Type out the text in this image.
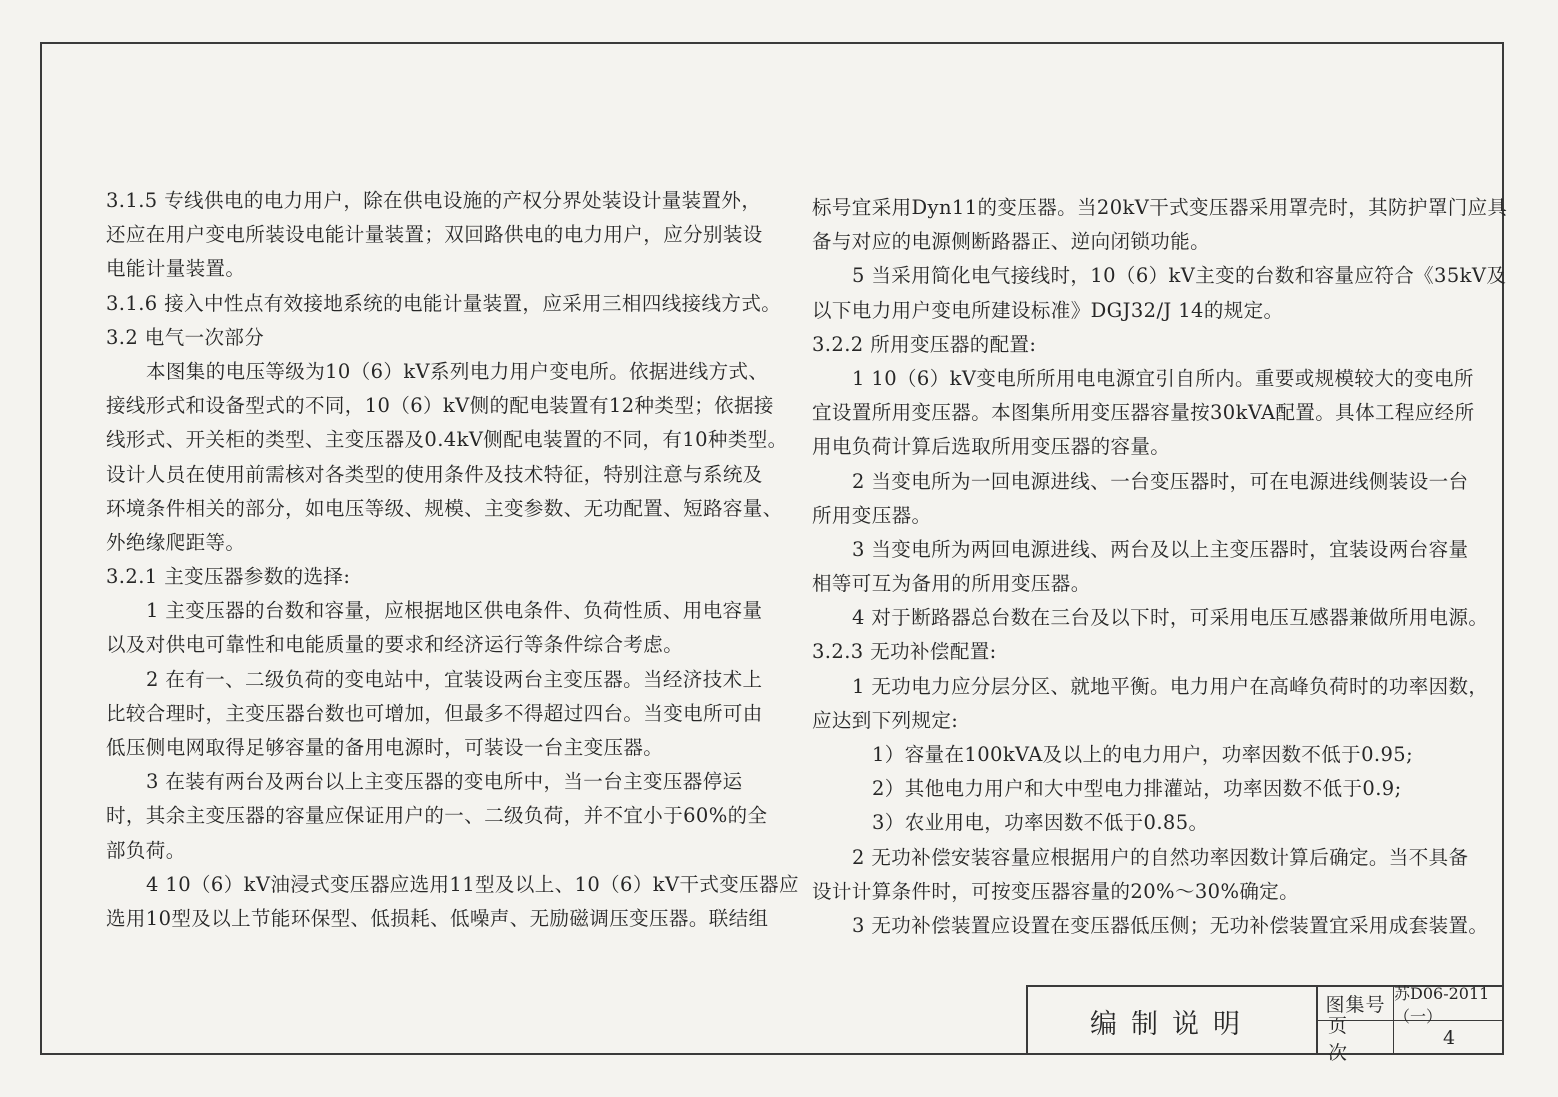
3.1.5 专线供电的电力用户，除在供电设施的产权分界处装设计量装置外，
还应在用户变电所装设电能计量装置；双回路供电的电力用户，应分别装设
电能计量装置。
3.1.6 接入中性点有效接地系统的电能计量装置，应采用三相四线接线方式。
3.2 电气一次部分
本图集的电压等级为10（6）kV系列电力用户变电所。依据进线方式、
接线形式和设备型式的不同，10（6）kV侧的配电装置有12种类型；依据接
线形式、开关柜的类型、主变压器及0.4kV侧配电装置的不同，有10种类型。
设计人员在使用前需核对各类型的使用条件及技术特征，特别注意与系统及
环境条件相关的部分，如电压等级、规模、主变参数、无功配置、短路容量、
外绝缘爬距等。
3.2.1 主变压器参数的选择:
1 主变压器的台数和容量，应根据地区供电条件、负荷性质、用电容量
以及对供电可靠性和电能质量的要求和经济运行等条件综合考虑。
2 在有一、二级负荷的变电站中，宜装设两台主变压器。当经济技术上
比较合理时，主变压器台数也可增加，但最多不得超过四台。当变电所可由
低压侧电网取得足够容量的备用电源时，可装设一台主变压器。
3 在装有两台及两台以上主变压器的变电所中，当一台主变压器停运
时，其余主变压器的容量应保证用户的一、二级负荷，并不宜小于60%的全
部负荷。
4 10（6）kV油浸式变压器应选用11型及以上、10（6）kV干式变压器应
选用10型及以上节能环保型、低损耗、低噪声、无励磁调压变压器。联结组
标号宜采用Dyn11的变压器。当20kV干式变压器采用罩壳时，其防护罩门应具
备与对应的电源侧断路器正、逆向闭锁功能。
5 当采用简化电气接线时，10（6）kV主变的台数和容量应符合《35kV及
以下电力用户变电所建设标准》DGJ32/J 14的规定。
3.2.2 所用变压器的配置:
1 10（6）kV变电所所用电电源宜引自所内。重要或规模较大的变电所
宜设置所用变压器。本图集所用变压器容量按30kVA配置。具体工程应经所
用电负荷计算后选取所用变压器的容量。
2 当变电所为一回电源进线、一台变压器时，可在电源进线侧装设一台
所用变压器。
3 当变电所为两回电源进线、两台及以上主变压器时，宜装设两台容量
相等可互为备用的所用变压器。
4 对于断路器总台数在三台及以下时，可采用电压互感器兼做所用电源。
3.2.3 无功补偿配置:
1 无功电力应分层分区、就地平衡。电力用户在高峰负荷时的功率因数，
应达到下列规定:
1）容量在100kVA及以上的电力用户，功率因数不低于0.95;
2）其他电力用户和大中型电力排灌站，功率因数不低于0.9;
3）农业用电，功率因数不低于0.85。
2 无功补偿安装容量应根据用户的自然功率因数计算后确定。当不具备
设计计算条件时，可按变压器容量的20%～30%确定。
3 无功补偿装置应设置在变压器低压侧；无功补偿装置宜采用成套装置。
编制说明
图集号
苏D06-2011（一）
页次
4
